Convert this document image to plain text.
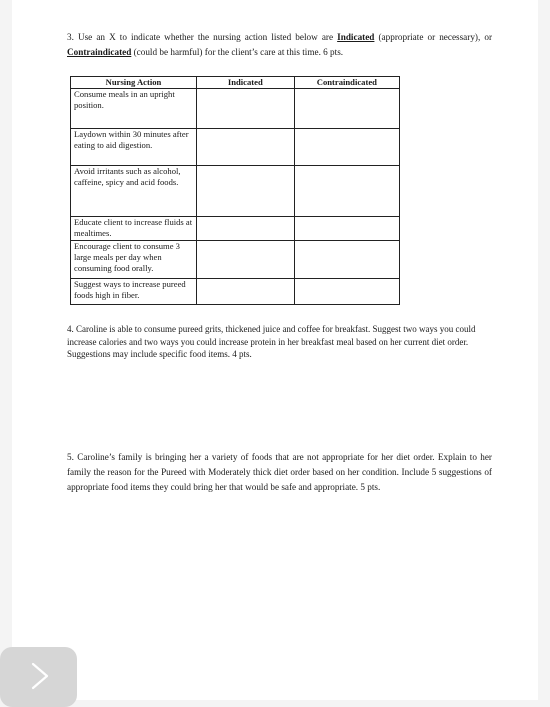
3. Use an X to indicate whether the nursing action listed below are Indicated (appropriate or necessary), or Contraindicated (could be harmful) for the client’s care at this time. 6 pts.

Nursing Action	Indicated	Contraindicated
Consume meals in an upright position.		
Laydown within 30 minutes after eating to aid digestion.		
Avoid irritants such as alcohol, caffeine, spicy and acid foods.		
Educate client to increase fluids at mealtimes.		
Encourage client to consume 3 large meals per day when consuming food orally.		
Suggest ways to increase pureed foods high in fiber.		

4. Caroline is able to consume pureed grits, thickened juice and coffee for breakfast. Suggest two ways you could increase calories and two ways you could increase protein in her breakfast meal based on her current diet order. Suggestions may include specific food items. 4 pts.

5. Caroline’s family is bringing her a variety of foods that are not appropriate for her diet order. Explain to her family the reason for the Pureed with Moderately thick diet order based on her condition. Include 5 suggestions of appropriate food items they could bring her that would be safe and appropriate. 5 pts.
